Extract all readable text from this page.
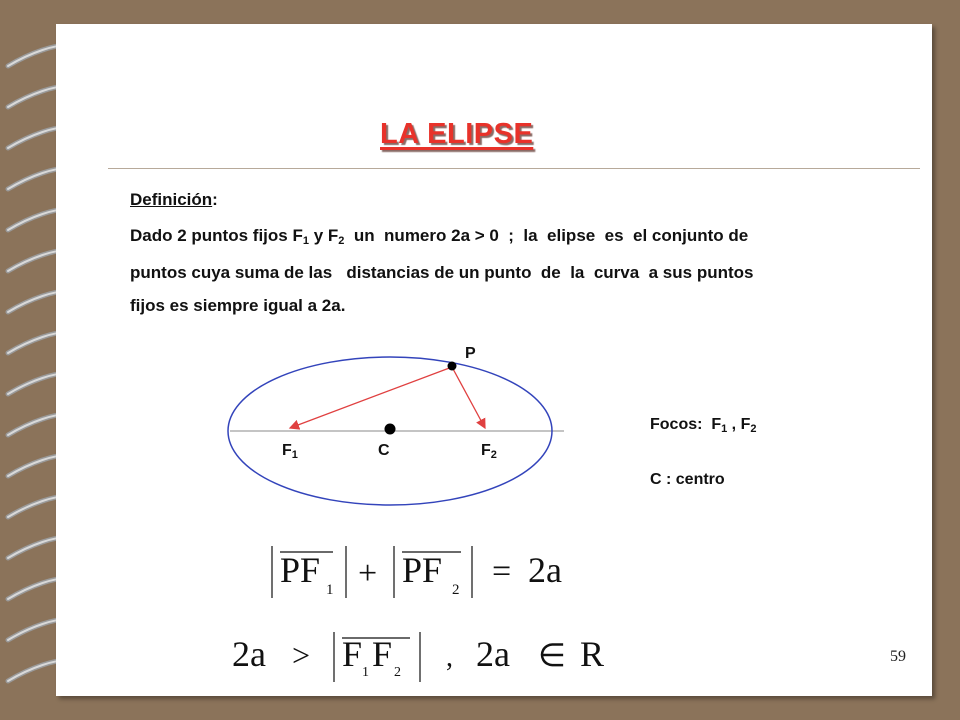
LA ELIPSE
Definición:
Dado 2 puntos fijos $F_1$ y $F_2$  un  numero 2a > 0  ;  la  elipse  es  el conjunto de
puntos cuya suma de las   distancias de un punto  de  la  curva  a sus puntos
fijos es siempre igual a 2a.
P
F1	C	F2
Focos:  $F_1$ , $F_2$
C : centro
PF 1 + PF 2 = 2a
2a > F 1 F 2 , 2a ∈ R	59
